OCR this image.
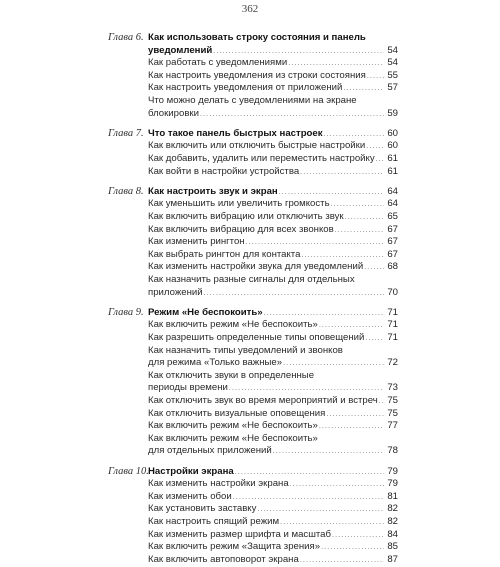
362
Глава 6. Как использовать строку состояния и панель
уведомлений . . .	54
Как работать с уведомлениями . . .	54
Как настроить уведомления из строки состояния . . . 55
Как настроить уведомления от приложений . . .	57
Что можно делать с уведомлениями на экране
блокировки . . .	59
Глава 7. Что такое панель быстрых настроек . . .	60
Как включить или отключить быстрые настройки . . . 60
Как добавить, удалить или переместить настройку . . . 61
Как войти в настройки устройства . . .	61
Глава 8. Как настроить звук и экран . . .	64
Как уменьшить или увеличить громкость . . .	64
Как включить вибрацию или отключить звук . . .	65
Как включить вибрацию для всех звонков . . .	67
Как изменить рингтон . . .	67
Как выбрать рингтон для контакта . . .	67
Как изменить настройки звука для уведомлений . . .	68
Как назначить разные сигналы для отдельных
приложений . . .	70
Глава 9. Режим «Не беспокоить» . . .	71
Как включить режим «Не беспокоить» . . .	71
Как разрешить определенные типы оповещений . . . 71
Как назначить типы уведомлений и звонков
для режима «Только важные» . . .	72
Как отключить звуки в определенные
периоды времени . . .	73
Как отключить звук во время мероприятий и встреч . . . 75
Как отключить визуальные оповещения . . .	75
Как включить режим «Не беспокоить» . . .	77
Как включить режим «Не беспокоить»
для отдельных приложений . . .	78
Глава 10. Настройки экрана . . .	79
Как изменить настройки экрана . . .	79
Как изменить обои . . .	81
Как установить заставку . . .	82
Как настроить спящий режим . . .	82
Как изменить размер шрифта и масштаб . . .	84
Как включить режим «Защита зрения» . . .	85
Как включить автоповорот экрана . . .	87
